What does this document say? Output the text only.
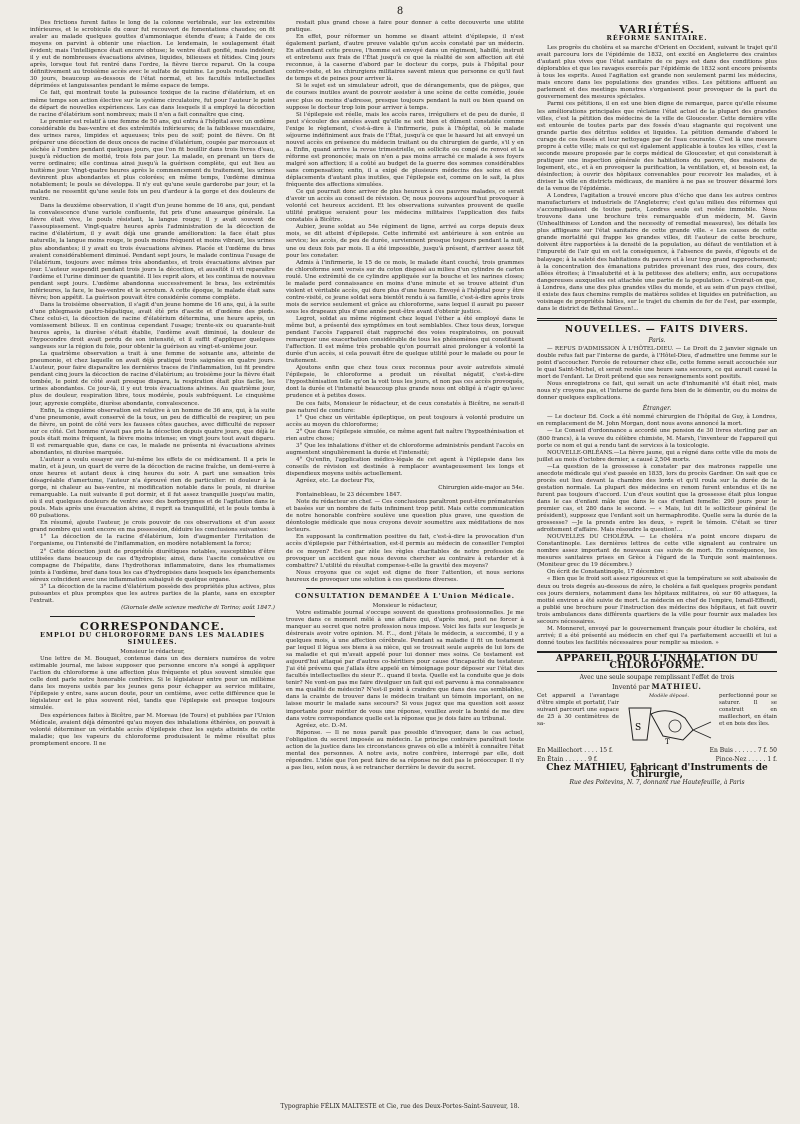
8

Des frictions furent faites le long de la colonne vertébrale, sur les extrémités inférieures, et le scrobicule du cœur fut recouvert de fomentations chaudes; on fit avaler au malade quelques gouttes d'ammoniaque étendu d'eau; à l'aide de ces moyens on parvint à obtenir une réaction. Le lendemain, le soulagement était évident; mais l'intelligence était encore obtuse; le ventre était gonflé, mais indolent; il y eut de nombreuses évacuations alvines, liquides, bilieuses et fétides. Cinq jours après, lorsque tout fut rentré dans l'ordre, la fièvre tierce reparut. On la coupa définitivement au troisième accès avec le sulfate de quinine. Le pouls resta, pendant 30 jours, beaucoup au-dessous de l'état normal, et les facultés intellectuelles déprimées et languissantes pendant le même espace de temps.

Ce fait, qui montrait toute la puissance toxique de la racine d'élatérium, et en même temps son action élective sur le système circulatoire, fut pour l'auteur le point de départ de nouvelles expériences. Les cas dans lesquels il a employé la décoction de racine d'élatérium sont nombreux; mais il n'en a fait connaître que cinq.

Le premier est relatif à une femme de 50 ans, qui entra à l'hôpital avec un œdème considérable du bas-ventre et des extrémités inférieures; de la faiblesse musculaire, des urines rares, limpides et aqueuses; très peu de soif; point de fièvre. On fit préparer une décoction de deux onces de racine d'élatérium, coupée par morceaux et séchée à l'ombre pendant quelques jours, que l'on fit bouillir dans trois livres d'eau, jusqu'à réduction de moitié, trois fois par jour. La malade, en prenant un tiers de verre ordinaire; elle continua ainsi jusqu'à la guérison complète, qui eut lieu au huitième jour. Vingt-quatre heures après le commencement du traitement, les urines devinrent plus abondantes et plus colorées; en même temps, l'œdème diminua notablement; le pouls se développa. Il n'y eut qu'une seule garderobe par jour; et la malade ne ressentit qu'une seule fois un peu d'ardeur à la gorge et des douleurs de ventre.

Dans la deuxième observation, il s'agit d'un jeune homme de 16 ans, qui, pendant la convalescence d'une variole confluente, fut pris d'une anasarque générale. La fièvre était vive, le pouls résistant, la langue rouge; il y avait souvent de l'assoupissement. Vingt-quatre heures après l'administration de la décoction de racine d'élatérium, il y avait déjà une grande amélioration: la face était plus naturelle, la langue moins rouge, le pouls moins fréquent et moins vibrant, les urines plus abondantes; il y avait eu trois évacuations alvines. Placée et l'œdème du bras avaient considérablement diminué. Pendant sept jours, le malade continua l'usage de l'élatérium, toujours avec mêmes très abondantes, et trois évacuations alvines par jour. L'auteur suspendit pendant trois jours la décoction, et aussitôt il vit reparaître l'œdème et l'urine diminuer de quantité. Il les reprit alors, et les continua de nouveau pendant sept jours. L'œdème abandonna successivement le bras, les extrémités inférieures, la face, le bas-ventre et le scrotum. A cette époque, le malade était sans fièvre; bon appétit. La guérison pouvait être considérée comme complète.

Dans la troisième observation, il s'agit d'un jeune homme de 16 ans, qui, à la suite d'une phlegmasie gastro-hépatique, avait été pris d'ascite et d'œdème des pieds. Chez celui-ci, la décoction de racine d'élatérium détermina, une heure après, un vomissement bilieux. Il en continua cependant l'usage; trente-six ou quarante-huit heures après, la diurèse s'était établie, l'œdème avait diminué, la douleur de l'hypocondre droit avait perdu de son intensité, et il suffit d'appliquer quelques sangsues sur la région du foie, pour obtenir la guérison au vingt-et-unième jour.

La quatrième observation a trait à une femme de soixante ans, atteinte de pneumonie, et chez laquelle on avait déjà pratiqué trois saignées en quatre jours. L'auteur, pour faire disparaître les dernières traces de l'inflammation, lui fit prendre pendant cinq jours la décoction de racine d'élatérium; au troisième jour la fièvre était tombée, le point de côté avait presque disparu, la respiration était plus facile, les urines abondantes. Ce jour-là, il y eut trois évacuations alvines. Au quatrième jour, plus de douleur, respiration libre, toux modérée, pouls subfréquent. Le cinquième jour, apyrexie complète, diurèse abondante, convalescence.

Enfin, la cinquième observation est relative à un homme de 36 ans, qui, à la suite d'une pneumonie, avait conservé de la toux, un peu de difficulté de respirer, un peu de fièvre, un point de côté vers les fausses côtes gauches, avec difficulté de reposer sur ce côté. Cet homme n'avait pas pris la décoction depuis quatre jours, que déjà le pouls était moins fréquent, la fièvre moins intense; en vingt jours tout avait disparu. Il est remarquable que, dans ce cas, le malade ne présenta ni évacuations alvines abondantes, ni diurèse marquée.

L'auteur a voulu essayer sur lui-même les effets de ce médicament. Il a pris le matin, et à jeun, un quart de verre de la décoction de racine fraîche, un demi-verre à onze heures et autant deux à cinq heures du soir. A part une sensation très désagréable d'amertume, l'auteur n'a éprouvé rien de particulier: ni douleur à la gorge, ni chaleur au bas-ventre, ni modification notable dans le pouls, ni diurèse remarquable. La nuit suivante il put dormir, et il fut assez tranquille jusqu'au matin, où il eut quelques douleurs de ventre avec des borborygmes et de l'agitation dans le pouls. Mais après une évacuation alvine, il reprit sa tranquillité, et le pouls tomba à 60 pulsations.

En résumé, ajoute l'auteur, je crois pouvoir de ces observations et d'un assez grand nombre qui sont encore en ma possession, déduire les conclusions suivantes:

1° La décoction de la racine d'élatérium, loin d'augmenter l'irritation de l'organisme, ou l'intensité de l'inflammation, en modère notablement la force;

2° Cette décoction jouit de propriétés diurétiques notables, susceptibles d'être utilisées dans beaucoup de cas d'hydropisie; ainsi, dans l'ascite consécutive ou compagne de l'hépatite, dans l'hydrothorax inflammatoire, dans les rhumatismes joints à l'œdème, bref dans tous les cas d'hydropisies dans lesquels les épanchements séreux coïncident avec une inflammation subaiguë de quelque organe.

3° La décoction de la racine d'élatérium possède des propriétés plus actives, plus puissantes et plus promptes que les autres parties de la plante, sans en excepter l'extrait.

(Giornale delle scienze mediche di Torino; août 1847.)

CORRESPONDANCE.
EMPLOI DU CHLOROFORME DANS LES MALADIES SIMULÉES.

Monsieur le rédacteur,

Une lettre de M. Bouquet, contenue dans un des derniers numéros de votre estimable journal, me laisse supposer que personne encore n'a songé à appliquer l'action du chloroforme à une affection plus fréquente et plus souvent simulée que celle dont parle notre honorable confrère. Si le législateur entre pour un millième dans les moyens usités par les jeunes gens pour échapper au service militaire, l'épilepsie y entre, sans aucun doute, pour un centième, avec cette différence que le législateur est le plus souvent réel, tandis que l'épilepsie est presque toujours simulée.

Des expériences faites à Bicêtre, par M. Moreau (de Tours) et publiées par l'Union Médicale, avaient déjà démontré qu'au moyen des inhalations éthérées, on pouvait à volonté déterminer un véritable accès d'épilepsie chez les sujets atteints de cette maladie; que les vapeurs du chloroforme produisaient le même résultat plus promptement encore. Il ne

restait plus grand chose à faire pour donner à cette découverte une utilité pratique.

En effet, pour réformer un homme se disant atteint d'épilepsie, il n'est également parlant, d'autre preuve valable qu'un accès constaté par un médecin. En attendant cette preuve, l'homme est envoyé dans un régiment, habillé, instruit et entretenu aux frais de l'État jusqu'à ce que la réalité de son affection ait été reconnue, à la caserne d'abord par le docteur du corps, puis à l'hôpital pour contre-visite, et les chirurgiens militaires savent mieux que personne ce qu'il faut de temps et de peines pour arriver là.

Si le sujet est un simulateur adroit, que de dérangements, que de pièges, que de courses inutiles avant de pouvoir assister à une scène de cette comédie, jouée avec plus ou moins d'adresse, presque toujours pendant la nuit ou bien quand on suppose le docteur trop loin pour arriver à temps.

Si l'épilepsie est réelle, mais les accès rares, irréguliers et de peu de durée, il peut s'écouler des années avant qu'elle ne soit bien et dûment constatée comme l'exige le règlement, c'est-à-dire à l'infirmerie, puis à l'hôpital, où le malade séjourne indéfiniment aux frais de l'État, jusqu'à ce que le hasard lui ait envoyé un nouvel accès en présence du médecin traitant ou du chirurgien de garde, s'il y en a. Enfin, quand arrive la revue trimestrielle, on sollicite ou congé de renvoi et la réforme est prononcée; mais on n'en a pas moins arraché ce malade à ses foyers malgré son affection; il a coûté au budget de la guerre des sommes considérables sans compensation; enfin, il a exigé de plusieurs médecins des soins et des déplacements d'autant plus inutiles, que l'épilepsie est, comme on le sait, la plus fréquente des affections simulées.

Ce qui pourrait donc arriver de plus heureux à ces pauvres malades, ce serait d'avoir un accès au conseil de révision. Or, nous pouvons aujourd'hui provoquer à volonté cet heureux accident. Et les observations suivantes prouvent de quelle utilité pratique seraient pour les médecins militaires l'application des faits constatés à Bicêtre.

Aubier, jeune soldat au 54e régiment de ligne, arrivé au corps depuis deux mois, se dit atteint d'épilepsie. Cette infirmité est antérieure à son entrée au service; les accès, de peu de durée, surviennent presque toujours pendant la nuit, une ou deux fois par mois. Il a été impossible, jusqu'à présent, d'arriver assez tôt pour les constater.

Admis à l'infirmerie, le 15 de ce mois, le malade étant couché, trois grammes de chloroforme sont versés sur du coton disposé au milieu d'un cylindre de carton roulé. Une extrémité de ce cylindre appliquée sur la bouche et les narines closes; le malade perd connaissance en moins d'une minute et se trouve atteint d'un violent et véritable accès, qui dure plus d'une heure. Envoyé à l'hôpital pour y être contre-visité, ce jeune soldat sera bientôt rendu à sa famille, c'est-à-dire après trois mois de service seulement et grâce au chloroforme, sans lequel il aurait pu passer sous les drapeaux plus d'une année peut-être avant d'obtenir justice.

Legrot, soldat au même régiment chez lequel l'éther a été employé dans le même but, a présenté des symptômes en tout semblables. Chez tous deux, lorsque pendant l'accès l'appareil était rapproché des voies respiratoires, on pouvait remarquer une exacerbation considérable de tous les phénomènes qui constituent l'affection. Il est même très probable qu'on pourrait ainsi prolonger à volonté la durée d'un accès, si cela pouvait être de quelque utilité pour le malade ou pour le traitement.

Ajoutons enfin que chez tous ceux reconnus pour avoir autrefois simulé l'épilepsie, le chloroforme a produit un résultat négatif, c'est-à-dire l'hyposthénisation telle qu'on la voit tous les jours, et non pas ces accès provoqués, dont la durée et l'intensité beaucoup plus grande nous ont obligé à n'agir qu'avec prudence et à petites doses.

De ces faits, Monsieur le rédacteur, et de ceux constatés à Bicêtre, ne serait-il pas naturel de conclure:

1° Que chez un véritable épileptique, on peut toujours à volonté produire un accès au moyen du chloroforme;

2° Que dans l'épilepsie simulée, ce même agent fait naître l'hyposthénisation et rien autre chose;

3° Que les inhalations d'éther et de chloroforme administrés pendant l'accès en augmentent singulièrement la durée et l'intensité;

4° Qu'enfin, l'application médico-légale de cet agent à l'épilepsie dans les conseils de révision est destinée à remplacer avantageusement les longs et dispendieux moyens usités actuellement.

Agréez, etc. Le docteur Fix,

Chirurgien aide-major au 54e.

Fontainebleau, le 23 décembre 1847.

Note du rédacteur en chef. — Ces conclusions paraîtront peut-être prématurées et basées sur un nombre de faits infiniment trop petit. Mais cette communication de notre honorable confrère soulève une question plus grave, une question de déontologie médicale que nous croyons devoir soumettre aux méditations de nos lecteurs.

En supposant la confirmation positive du fait, c'est-à-dire la provocation d'un accès d'épilepsie par l'éthérisation, est-il permis au médecin de conseiller l'emploi de ce moyen? Est-ce par zèle les règles charitables de notre profession de provoquer un accident que nous devons chercher au contraire à retarder et à combattre? L'utilité du résultat compense-t-elle la gravité des moyens?

Nous croyons que ce sujet est digne de fixer l'attention, et nous serions heureux de provoquer une solution à ces questions diverses.

CONSULTATION DEMANDÉE À L'Union Médicale.

Monsieur le rédacteur,

Votre estimable journal s'occupe souvent de questions professionnelles. Je me trouve dans ce moment mêlé à une affaire qui, d'après moi, peut ne forcer à manquer au secret que notre profession nous impose. Voici les faits sur lesquels je désirerais avoir votre opinion. M. F..., dont j'étais le médecin, a succombé, il y a quelques mois, à une affection cérébrale. Pendant sa maladie il fit un testament par lequel il légua ses biens à sa nièce, qui se trouvait seule auprès de lui lors de sa maladie et qui m'avait appelé pour lui donner mes soins. Ce testament est aujourd'hui attaqué par d'autres co-héritiers pour cause d'incapacité du testateur. J'ai été prévenu que j'allais être appelé en témoignage pour déposer sur l'état des facultés intellectuelles du sieur F... quand il testa. Quelle est la conduite que je dois tenir? Ne vont-on pas me faire divulguer un fait qui est parvenu à ma connaissance en ma qualité de médecin? N'est-il point à craindre que dans des cas semblables, dans la crainte de trouver dans le médecin traitant un témoin important, on ne laisse mourir le malade sans secours? Si vous jugez que ma question soit assez importante pour mériter de vous une réponse, veuillez avoir la bonté de me dire dans votre correspondance quelle est la réponse que je dois faire au tribunal.

Agréez, etc. D.-M.

Réponse. — Il ne nous paraît pas possible d'invoquer, dans le cas actuel, l'obligation du secret imposée au médecin. Le principe contraire paraîtrait toute action de la justice dans les circonstances graves où elle a intérêt à connaître l'état mental des personnes. A notre avis, notre confrère, interrogé par elle, doit répondre. L'idée que l'on peut faire de sa réponse ne doit pas le préoccuper. Il n'y a pas lieu, selon nous, à se retrancher derrière le devoir du secret.

VARIÉTÉS.
RÉFORME SANITAIRE.

Les progrès du choléra et sa marche d'Orient en Occident, suivant le trajet qu'il avait parcouru lors de l'épidémie de 1832, ont excité en Angleterre des craintes d'autant plus vives que l'état sanitaire de ce pays est dans des conditions plus déplorables et que les ravages exercés par l'épidémie de 1832 sont encore présents à tous les esprits. Aussi l'agitation est grande non seulement parmi les médecins, mais encore dans les populations des grandes villes. Les pétitions affluent au parlement et des meetings monstres s'organisent pour provoquer de la part du gouvernement des mesures spéciales.

Parmi ces pétitions, il en est une bien digne de remarque, parce qu'elle résume les améliorations principales que réclame l'état actuel de la plupart des grandes villes, c'est la pétition des médecins de la ville de Gloucester. Cette dernière ville est entourée de toutes parts par des fossés d'eau stagnante qui reçoivent une grande partie des détritus solides et liquides. La pétition demande d'abord le curage de ces fossés et leur nettoyage par de l'eau courante. C'est là une mesure propre à cette ville; mais ce qui est également applicable à toutes les villes, c'est la seconde mesure proposée par le corps médical de Gloucester, et qui consisterait à pratiquer une inspection générale des habitations du pauvre, des maisons de logement, etc., et à en provoquer la purification, la ventilation, et, si besoin est, la désinfection; à ouvrir des hôpitaux convenables pour recevoir les malades, et à diviser la ville en districts médicaux, de manière à ne pas se trouver désarmé lors de la venue de l'épidémie.

A Londres, l'agitation a trouvé encore plus d'écho que dans les autres centres manufacturiers et industriels de l'Angleterre; c'est qu'au milieu des réformes qui s'accomplissaient de toutes parts, Londres seule est restée immobile. Nous trouvons dans une brochure très remarquable d'un médecin, M. Gavin (Unhealthiness of London and the necessity of remedial measures), les détails les plus affligeans sur l'état sanitaire de cette grande ville. « Les causes de cette grande mortalité qui frappe les grandes villes, dit l'auteur de cette brochure, doivent être rapportées à la densité de la population, au défaut de ventilation et à l'impureté de l'air qui en est la conséquence, à l'absence de pavés, d'égouts et de balayage; à la saleté des habitations du pauvre et à leur trop grand rapprochement; à la concentration des émanations putrides provenant des rues, des cours, des allées étroites; à l'insalubrité et à la petitesse des ateliers; enfin, aux occupations dangereuses auxquelles est attachée une partie de la population. » Croirait-on que, à Londres, dans une des plus grandes villes du monde, et au sein d'un pays civilisé, il existe des faux chemins remplis de matières solides et liquides en putréfaction, au voisinage de propriétés bâties, sur le trajet du chemin de fer de l'est, par exemple, dans le district de Bethnal Green!...

NOUVELLES. — FAITS DIVERS.
Paris.

— REFUS D'ADMISSION À L'HÔTEL-DIEU. — Le Droit du 2 janvier signale un double refus fait par l'interne de garde, à l'Hôtel-Dieu, d'admettre une femme sur le point d'accoucher. Forcée de retourner chez elle, cette femme serait accouchée sur le quai Saint-Michel, et serait restée une heure sans secours, ce qui aurait causé la mort de l'enfant. Le Droit prétend que ses renseignements sont positifs.

Nous enregistrons ce fait, qui serait un acte d'inhumanité s'il était réel, mais nous n'y croyons pas, et l'interne de garde fera bien de le démentir, ou du moins de donner quelques explications.

Étranger.

— Le docteur Ed. Cock a été nommé chirurgien de l'hôpital de Guy, à Londres, en remplacement de M. John Morgan, dont nous avons annoncé la mort.

— Le Conseil d'ordonnance a accordé une pension de 30 livres sterling par an (800 francs), à la veuve du célèbre chimiste, M. Marsh, l'inventeur de l'appareil qui porte ce nom et qui a rendu tant de services à la toxicologie.

NOUVELLE-ORLÉANS.—La fièvre jaune, qui a régné dans cette ville du mois de juillet au mois d'octobre dernier, a causé 2,504 morts.

—La question de la grossesse à constater par des matrones rappelle une anecdote médicale qui s'est passée en 1835, lors du procès Gardner. On sait que ce procès eut lieu devant la chambre des lords et qu'il roula sur la durée de la gestation normale. La plupart des médecins en renom furent entendus et ils ne furent pas toujours d'accord. L'un d'eux soutint que la grossesse était plus longue dans le cas d'enfant mâle que dans le cas d'enfant femelle: 290 jours pour le premier cas, et 280 dans le second. — « Mais, lui dit le solliciteur général (le président), supposez que l'enfant soit un hermaphrodite. Quelle sera la durée de la grossesse? —Je la prends entre les deux, » reprit le témoin. C'était se tirer adroitement d'affaire. Mais résoudre la question!...

NOUVELLES DU CHOLÉRA. — Le choléra n'a point encore disparu de Constantinople. Les dernières lettres de cette ville signalent au contraire un nombre assez important de nouveaux cas suivis de mort. En conséquence, les mesures sanitaires prises en Grèce à l'égard de la Turquie sont maintenues. (Moniteur grec du 19 décembre.)

On écrit de Constantinople, 17 décembre :

« Bien que le froid soit assez rigoureux et que la température se soit abaissée de deux ou trois degrés au-dessous de zéro, le choléra a fait quelques progrès pendant ces jours derniers, notamment dans les hôpitaux militaires, où sur 60 attaques, la moitié environ a été suivie de mort. Le médecin en chef de l'empire, Ismaïl-Effendi, a publié une brochure pour l'instruction des médecins des hôpitaux, et fait ouvrir trois ambulances dans différents quartiers de la ville pour fournir aux malades les secours nécessaires.

M. Monneret, envoyé par le gouvernement français pour étudier le choléra, est arrivé; il a été présenté au médecin en chef qui l'a parfaitement accueilli et lui a donné toutes les facilités nécessaires pour remplir sa mission. »

APPAREIL POUR L'INHALATION DU CHLOROFORME.
Avec une seule soupape remplissant l'effet de trois
Inventé par MATHIEU.
Cet appareil a l'avantage d'être simple et portatif, l'air suivant parcourt une espace de 25 à 30 centimètres de sa-
Modèle déposé.
S
T
perfectionné pour se saturer. Il se construit en maillechort, en étain et en bois des îles.
En Maillechort . . . . 15 f.	En Buis . . . . . . 7 f. 50
En Étain . . . . . . 9 f.	Pince-Nez . . . . . 1 f.
Chez MATHIEU, Fabricant d'Instruments de Chirurgie,
Rue des Poitevins, N. 7, donnant rue Hautefeuille, à Paris
Typographie FÉLIX MALTESTE et Cie, rue des Deux-Portes-Saint-Sauveur, 18.
